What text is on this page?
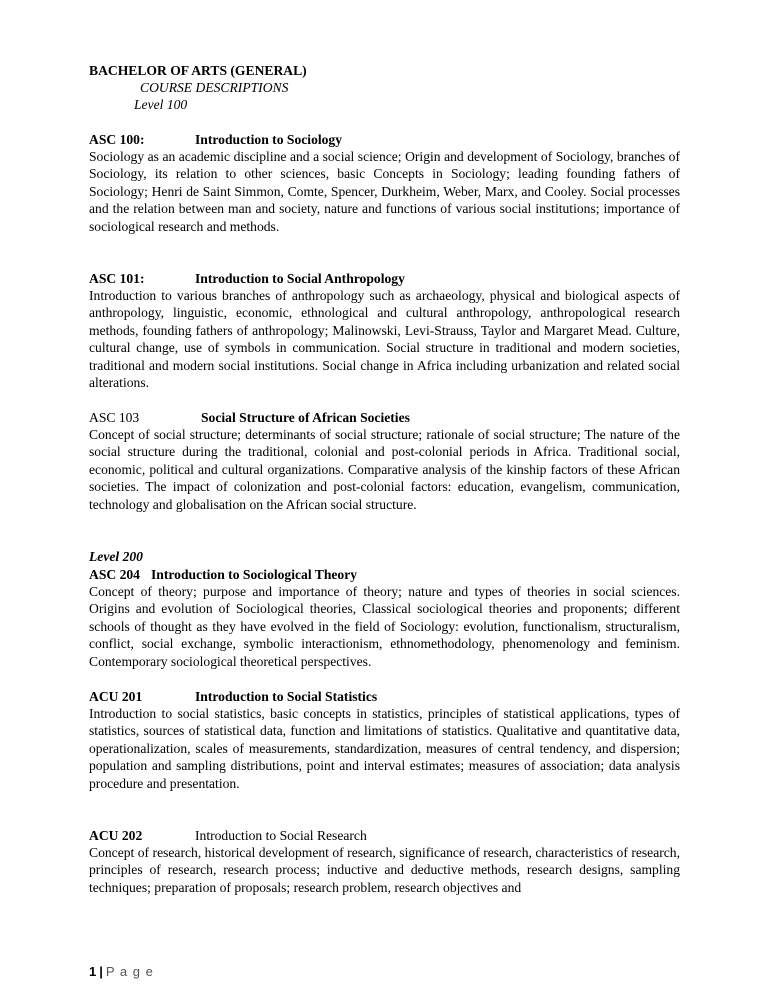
BACHELOR OF ARTS (GENERAL)
COURSE DESCRIPTIONS
Level 100
ASC 100:	Introduction to Sociology
Sociology as an academic discipline and a social science; Origin and development of Sociology, branches of Sociology, its relation to other sciences, basic Concepts in Sociology; leading founding fathers of Sociology; Henri de Saint Simmon, Comte, Spencer, Durkheim, Weber, Marx, and Cooley. Social processes and the relation between man and society, nature and functions of various social institutions; importance of sociological research and methods.
ASC 101:	Introduction to Social Anthropology
Introduction to various branches of anthropology such as archaeology, physical and biological aspects of anthropology, linguistic, economic, ethnological and cultural anthropology, anthropological research methods, founding fathers of anthropology; Malinowski, Levi-Strauss, Taylor and Margaret Mead. Culture, cultural change, use of symbols in communication. Social structure in traditional and modern societies, traditional and modern social institutions. Social change in Africa including urbanization and related social alterations.
ASC 103	Social Structure of African Societies
Concept of social structure; determinants of social structure; rationale of social structure; The nature of the social structure during the traditional, colonial and post-colonial periods in Africa. Traditional social, economic, political and cultural organizations. Comparative analysis of the kinship factors of these African societies. The impact of colonization and post-colonial factors: education, evangelism, communication, technology and globalisation on the African social structure.
Level 200
ASC 204 Introduction to Sociological Theory
Concept of theory; purpose and importance of theory; nature and types of theories in social sciences. Origins and evolution of Sociological theories, Classical sociological theories and proponents; different schools of thought as they have evolved in the field of Sociology: evolution, functionalism, structuralism, conflict, social exchange, symbolic interactionism, ethnomethodology, phenomenology and feminism. Contemporary sociological theoretical perspectives.
ACU 201	Introduction to Social Statistics
Introduction to social statistics, basic concepts in statistics, principles of statistical applications, types of statistics, sources of statistical data, function and limitations of statistics. Qualitative and quantitative data, operationalization, scales of measurements, standardization, measures of central tendency, and dispersion; population and sampling distributions, point and interval estimates; measures of association; data analysis procedure and presentation.
ACU 202	Introduction to Social Research
Concept of research, historical development of research, significance of research, characteristics of research, principles of research, research process; inductive and deductive methods, research designs, sampling techniques; preparation of proposals; research problem, research objectives and
1 | P a g e
